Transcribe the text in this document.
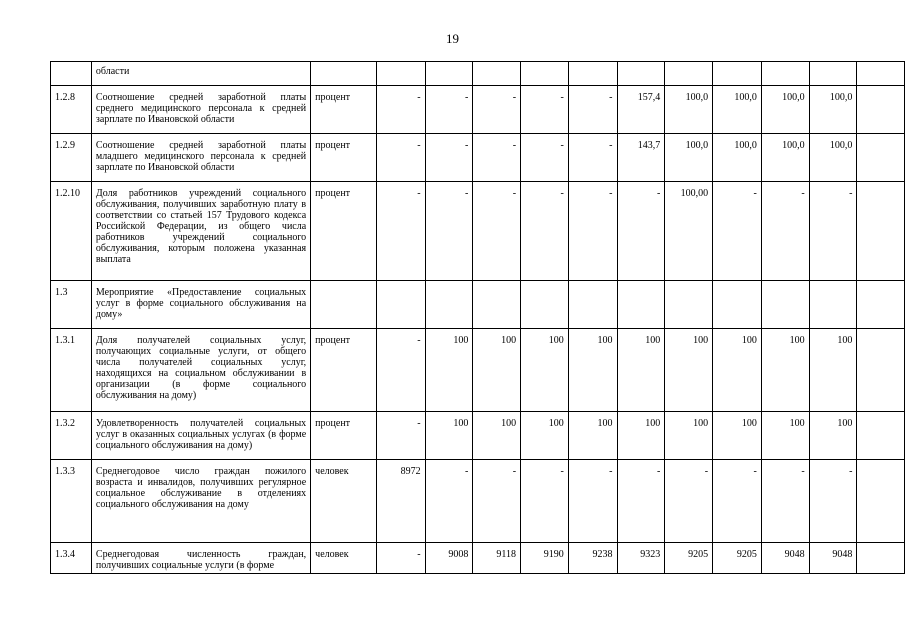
19
	области												
1.2.8	Соотношение средней заработной платы среднего медицинского персонала к средней зарплате по Ивановской области	процент	-	-	-	-	-	157,4	100,0	100,0	100,0	100,0	
1.2.9	Соотношение средней заработной платы младшего медицинского персонала к средней зарплате по Ивановской области	процент	-	-	-	-	-	143,7	100,0	100,0	100,0	100,0	
1.2.10	Доля работников учреждений социального обслуживания, получивших заработную плату в соответствии со статьей 157 Трудового кодекса Российской Федерации, из общего числа работников учреждений социального обслуживания, которым положена указанная выплата	процент	-	-	-	-	-	-	100,00	-	-	-	
1.3	Мероприятие «Предоставление социальных услуг в форме социального обслуживания на дому»												
1.3.1	Доля получателей социальных услуг, получающих социальные услуги, от общего числа получателей социальных услуг, находящихся на социальном обслуживании в организации (в форме социального обслуживания на дому)	процент	-	100	100	100	100	100	100	100	100	100	
1.3.2	Удовлетворенность получателей социальных услуг в оказанных социальных услугах (в форме социального обслуживания на дому)	процент	-	100	100	100	100	100	100	100	100	100	
1.3.3	Среднегодовое число граждан пожилого возраста и инвалидов, получивших регулярное социальное обслуживание в отделениях социального обслуживания на дому	человек	8972	-	-	-	-	-	-	-	-	-	
1.3.4	Среднегодовая численность граждан, получивших социальные услуги (в форме	человек	-	9008	9118	9190	9238	9323	9205	9205	9048	9048	
